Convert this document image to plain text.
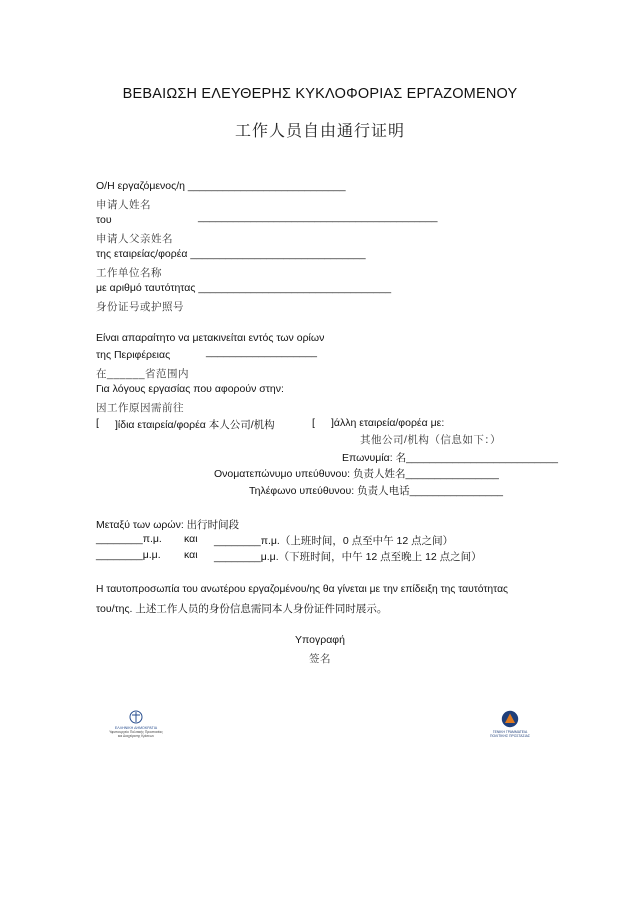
ΒΕΒΑΙΩΣΗ ΕΛΕΥΘΕΡΗΣ ΚΥΚΛΟΦΟΡΙΑΣ ΕΡΓΑΖΟΜΕΝΟΥ
工作人员自由通行证明
Ο/Η εργαζόμενος/η ___________________________
申请人姓名
του	_________________________________________
申请人父亲姓名
της εταιρείας/φορέα ______________________________
工作单位名称
με αριθμό ταυτότητας _________________________________
身份证号或护照号
Είναι απαραίτητο να μετακινείται εντός των ορίων
της Περιφέρειας	___________________
在______省范围内
Για λόγους εργασίας που αφορούν στην:
因工作原因需前往
[ ]ίδια εταιρεία/φορέα 本人公司/机构	[ ]άλλη εταιρεία/φορέα με:
其他公司/机构（信息如下：）
Επωνυμία: 名__________________________
Ονοματεπώνυμο υπεύθυνου: 负责人姓名________________
Τηλέφωνο υπεύθυνου: 负责人电话________________
Μεταξύ των ωρών: 出行时间段
________π.μ. και ________π.μ.（上班时间，0 点至中午 12 点之间）
________μ.μ. και ________μ.μ.（下班时间，中午 12 点至晚上 12 点之间）
Η ταυτοπροσωπία του ανωτέρου εργαζομένου/ης θα γίνεται με την επίδειξη της ταυτότητας
του/της. 上述工作人员的身份信息需同本人身份证件同时展示。
Υπογραφή
签名
ΕΛΛΗΝΙΚΗ ΔΗΜΟΚΡΑΤΙΑ
Υφυπουργείο Πολιτικής Προστασίας
και Διαχείρισης Κρίσεων
ΓΕΝΙΚΗ ΓΡΑΜΜΑΤΕΙΑ
ΠΟΛΙΤΙΚΗΣ ΠΡΟΣΤΑΣΙΑΣ
